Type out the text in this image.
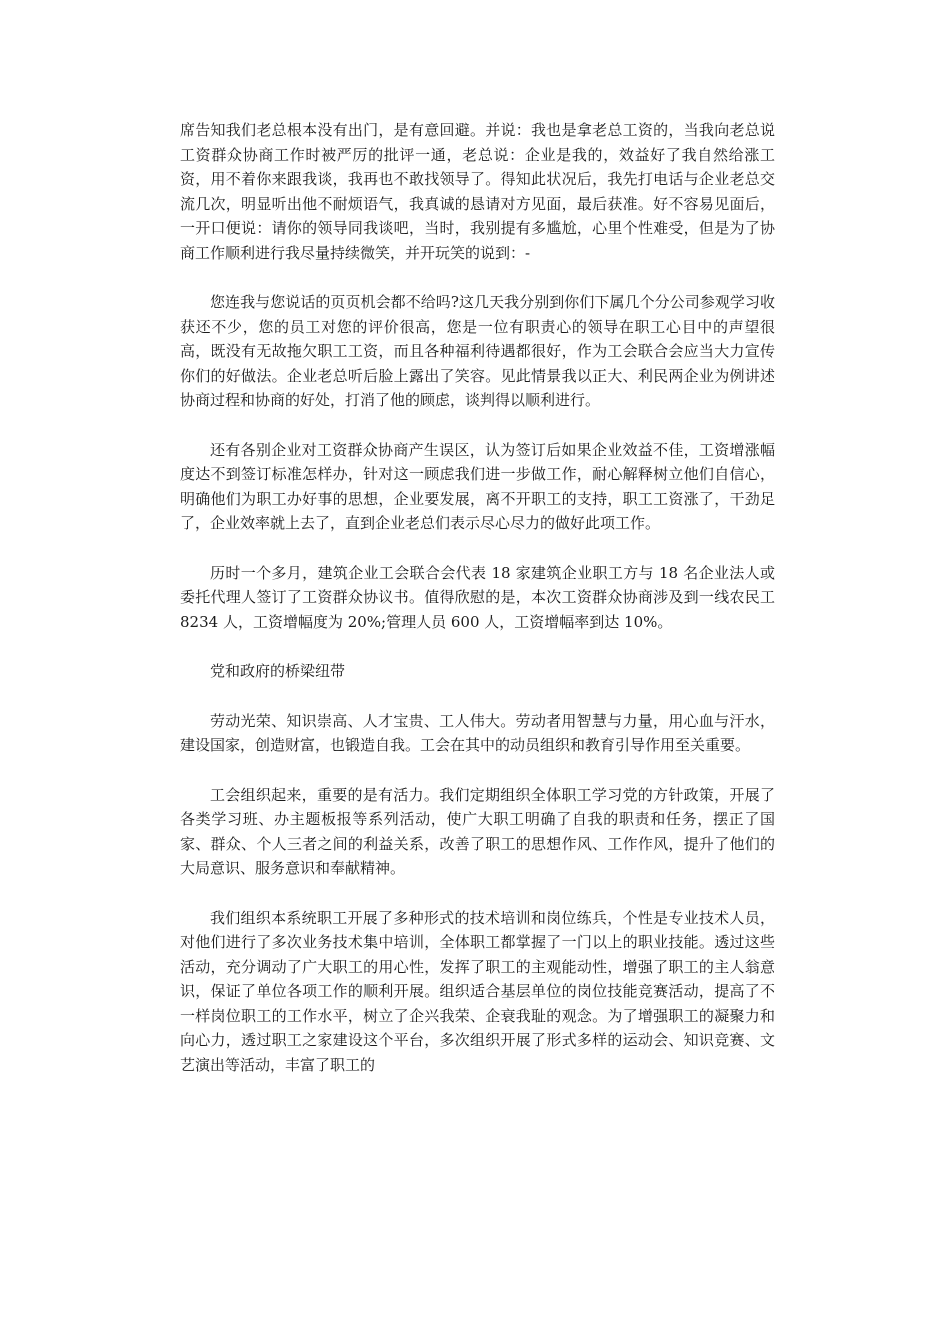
席告知我们老总根本没有出门，是有意回避。并说：我也是拿老总工资的，当我向老总说工资群众协商工作时被严厉的批评一通，老总说：企业是我的，效益好了我自然给涨工资，用不着你来跟我谈，我再也不敢找领导了。得知此状况后，我先打电话与企业老总交流几次，明显听出他不耐烦语气，我真诚的恳请对方见面，最后获准。好不容易见面后，一开口便说：请你的领导同我谈吧，当时，我别提有多尴尬，心里个性难受，但是为了协商工作顺利进行我尽量持续微笑，并开玩笑的说到：-

您连我与您说话的页页机会都不给吗?这几天我分别到你们下属几个分公司参观学习收获还不少，您的员工对您的评价很高，您是一位有职责心的领导在职工心目中的声望很高，既没有无故拖欠职工工资，而且各种福利待遇都很好，作为工会联合会应当大力宣传你们的好做法。企业老总听后脸上露出了笑容。见此情景我以正大、利民两企业为例讲述协商过程和协商的好处，打消了他的顾虑，谈判得以顺利进行。

还有各别企业对工资群众协商产生误区，认为签订后如果企业效益不佳，工资增涨幅度达不到签订标准怎样办，针对这一顾虑我们进一步做工作，耐心解释树立他们自信心，明确他们为职工办好事的思想，企业要发展，离不开职工的支持，职工工资涨了，干劲足了，企业效率就上去了，直到企业老总们表示尽心尽力的做好此项工作。

历时一个多月，建筑企业工会联合会代表 18 家建筑企业职工方与 18 名企业法人或委托代理人签订了工资群众协议书。值得欣慰的是，本次工资群众协商涉及到一线农民工 8234 人，工资增幅度为 20%;管理人员 600 人，工资增幅率到达 10%。

党和政府的桥梁纽带

劳动光荣、知识崇高、人才宝贵、工人伟大。劳动者用智慧与力量，用心血与汗水，建设国家，创造财富，也锻造自我。工会在其中的动员组织和教育引导作用至关重要。

工会组织起来，重要的是有活力。我们定期组织全体职工学习党的方针政策，开展了各类学习班、办主题板报等系列活动，使广大职工明确了自我的职责和任务，摆正了国家、群众、个人三者之间的利益关系，改善了职工的思想作风、工作作风，提升了他们的大局意识、服务意识和奉献精神。

我们组织本系统职工开展了多种形式的技术培训和岗位练兵，个性是专业技术人员，对他们进行了多次业务技术集中培训，全体职工都掌握了一门以上的职业技能。透过这些活动，充分调动了广大职工的用心性，发挥了职工的主观能动性，增强了职工的主人翁意识，保证了单位各项工作的顺利开展。组织适合基层单位的岗位技能竞赛活动，提高了不一样岗位职工的工作水平，树立了企兴我荣、企衰我耻的观念。为了增强职工的凝聚力和向心力，透过职工之家建设这个平台，多次组织开展了形式多样的运动会、知识竞赛、文艺演出等活动，丰富了职工的
